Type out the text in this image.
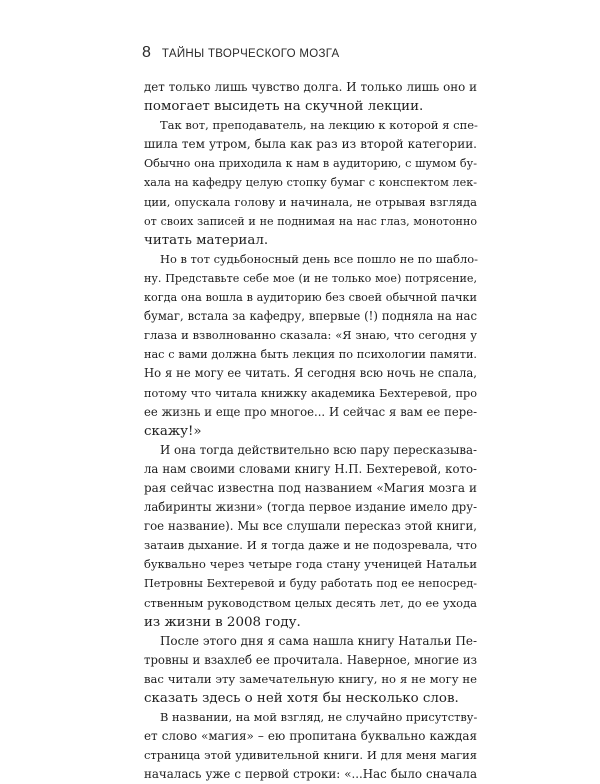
8 ТАЙНЫ ТВОРЧЕСКОГО МОЗГА
дет только лишь чувство долга. И только лишь оно и
помогает высидеть на скучной лекции.
Так вот, преподаватель, на лекцию к которой я спе-
шила тем утром, была как раз из второй категории.
Обычно она приходила к нам в аудиторию, с шумом бу-
хала на кафедру целую стопку бумаг с конспектом лек-
ции, опускала голову и начинала, не отрывая взгляда
от своих записей и не поднимая на нас глаз, монотонно
читать материал.
Но в тот судьбоносный день все пошло не по шабло-
ну. Представьте себе мое (и не только мое) потрясение,
когда она вошла в аудиторию без своей обычной пачки
бумаг, встала за кафедру, впервые (!) подняла на нас
глаза и взволнованно сказала: «Я знаю, что сегодня у
нас с вами должна быть лекция по психологии памяти.
Но я не могу ее читать. Я сегодня всю ночь не спала,
потому что читала книжку академика Бехтеревой, про
ее жизнь и еще про многое... И сейчас я вам ее пере-
скажу!»
И она тогда действительно всю пару пересказыва-
ла нам своими словами книгу Н.П. Бехтеревой, кото-
рая сейчас известна под названием «Магия мозга и
лабиринты жизни» (тогда первое издание имело дру-
гое название). Мы все слушали пересказ этой книги,
затаив дыхание. И я тогда даже и не подозревала, что
буквально через четыре года стану ученицей Натальи
Петровны Бехтеревой и буду работать под ее непосред-
ственным руководством целых десять лет, до ее ухода
из жизни в 2008 году.
После этого дня я сама нашла книгу Натальи Пе-
тровны и взахлеб ее прочитала. Наверное, многие из
вас читали эту замечательную книгу, но я не могу не
сказать здесь о ней хотя бы несколько слов.
В названии, на мой взгляд, не случайно присутству-
ет слово «магия» – ею пропитана буквально каждая
страница этой удивительной книги. И для меня магия
началась уже с первой строки: «...Нас было сначала
